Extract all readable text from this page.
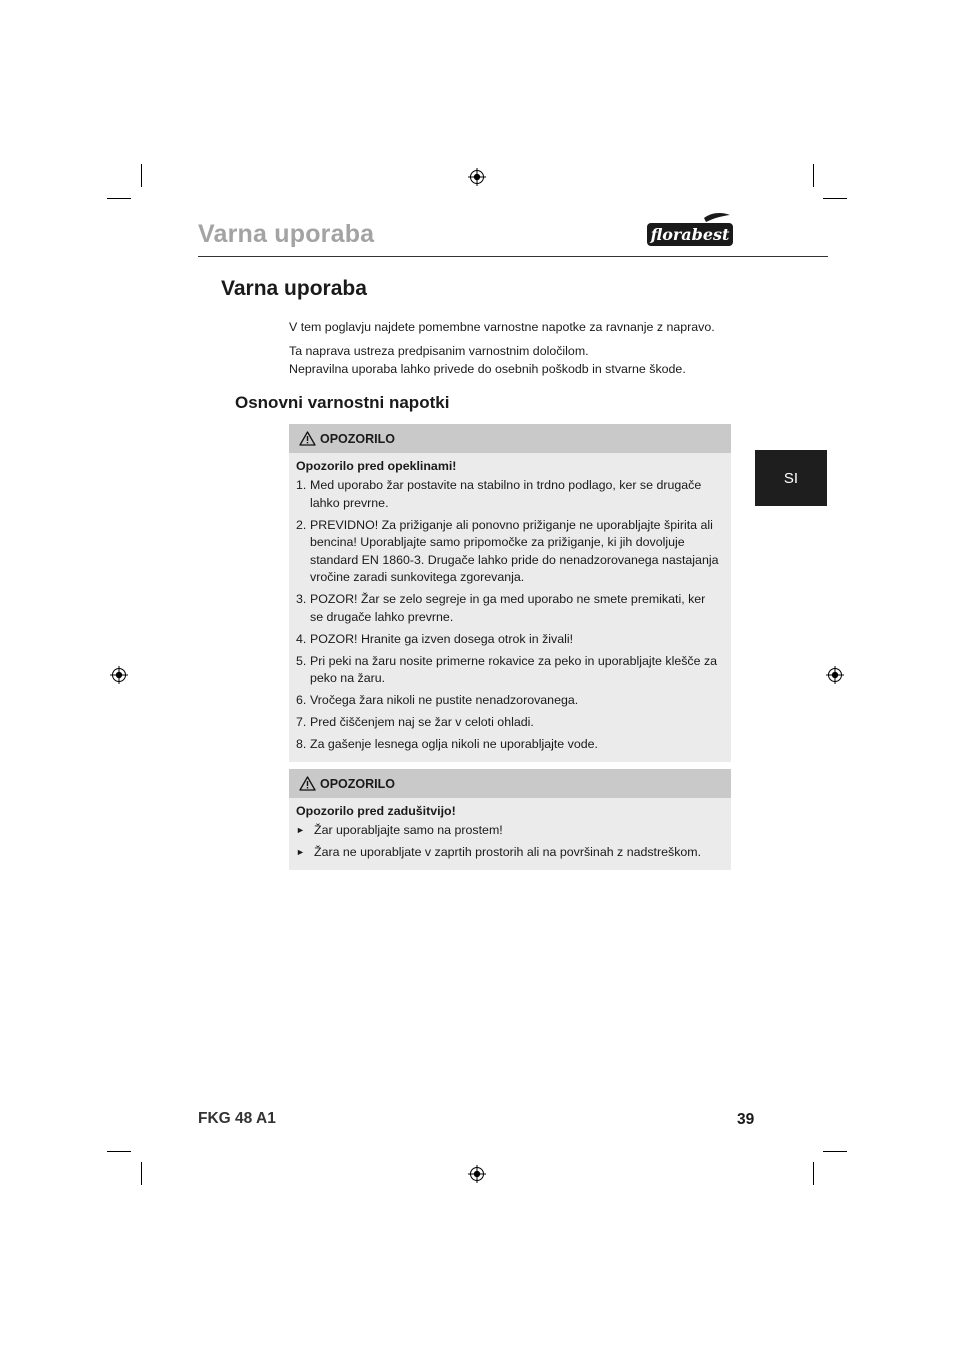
Varna uporaba	florabest
Varna uporaba

V tem poglavju najdete pomembne varnostne napotke za ravnanje z napravo.

Ta naprava ustreza predpisanim varnostnim določilom.

Nepravilna uporaba lahko privede do osebnih poškodb in stvarne škode.

Osnovni varnostni napotki
SI
OPOZORILO

Opozorilo pred opeklinami!

1. Med uporabo žar postavite na stabilno in trdno podlago, ker se drugače lahko prevrne.
2. PREVIDNO! Za prižiganje ali ponovno prižiganje ne uporabljajte špirita ali bencina! Uporabljajte samo pripomočke za prižiganje, ki jih dovoljuje standard EN 1860-3. Drugače lahko pride do nenadzorovanega nastajanja vročine zaradi sunkovitega zgorevanja.
3. POZOR! Žar se zelo segreje in ga med uporabo ne smete premikati, ker se drugače lahko prevrne.
4. POZOR! Hranite ga izven dosega otrok in živali!
5. Pri peki na žaru nosite primerne rokavice za peko in uporabljajte klešče za peko na žaru.
6. Vročega žara nikoli ne pustite nenadzorovanega.
7. Pred čiščenjem naj se žar v celoti ohladi.
8. Za gašenje lesnega oglja nikoli ne uporabljajte vode.
OPOZORILO

Opozorilo pred zadušitvijo!

► Žar uporabljajte samo na prostem!
► Žara ne uporabljate v zaprtih prostorih ali na površinah z nadstreškom.

FKG 48 A1	39
